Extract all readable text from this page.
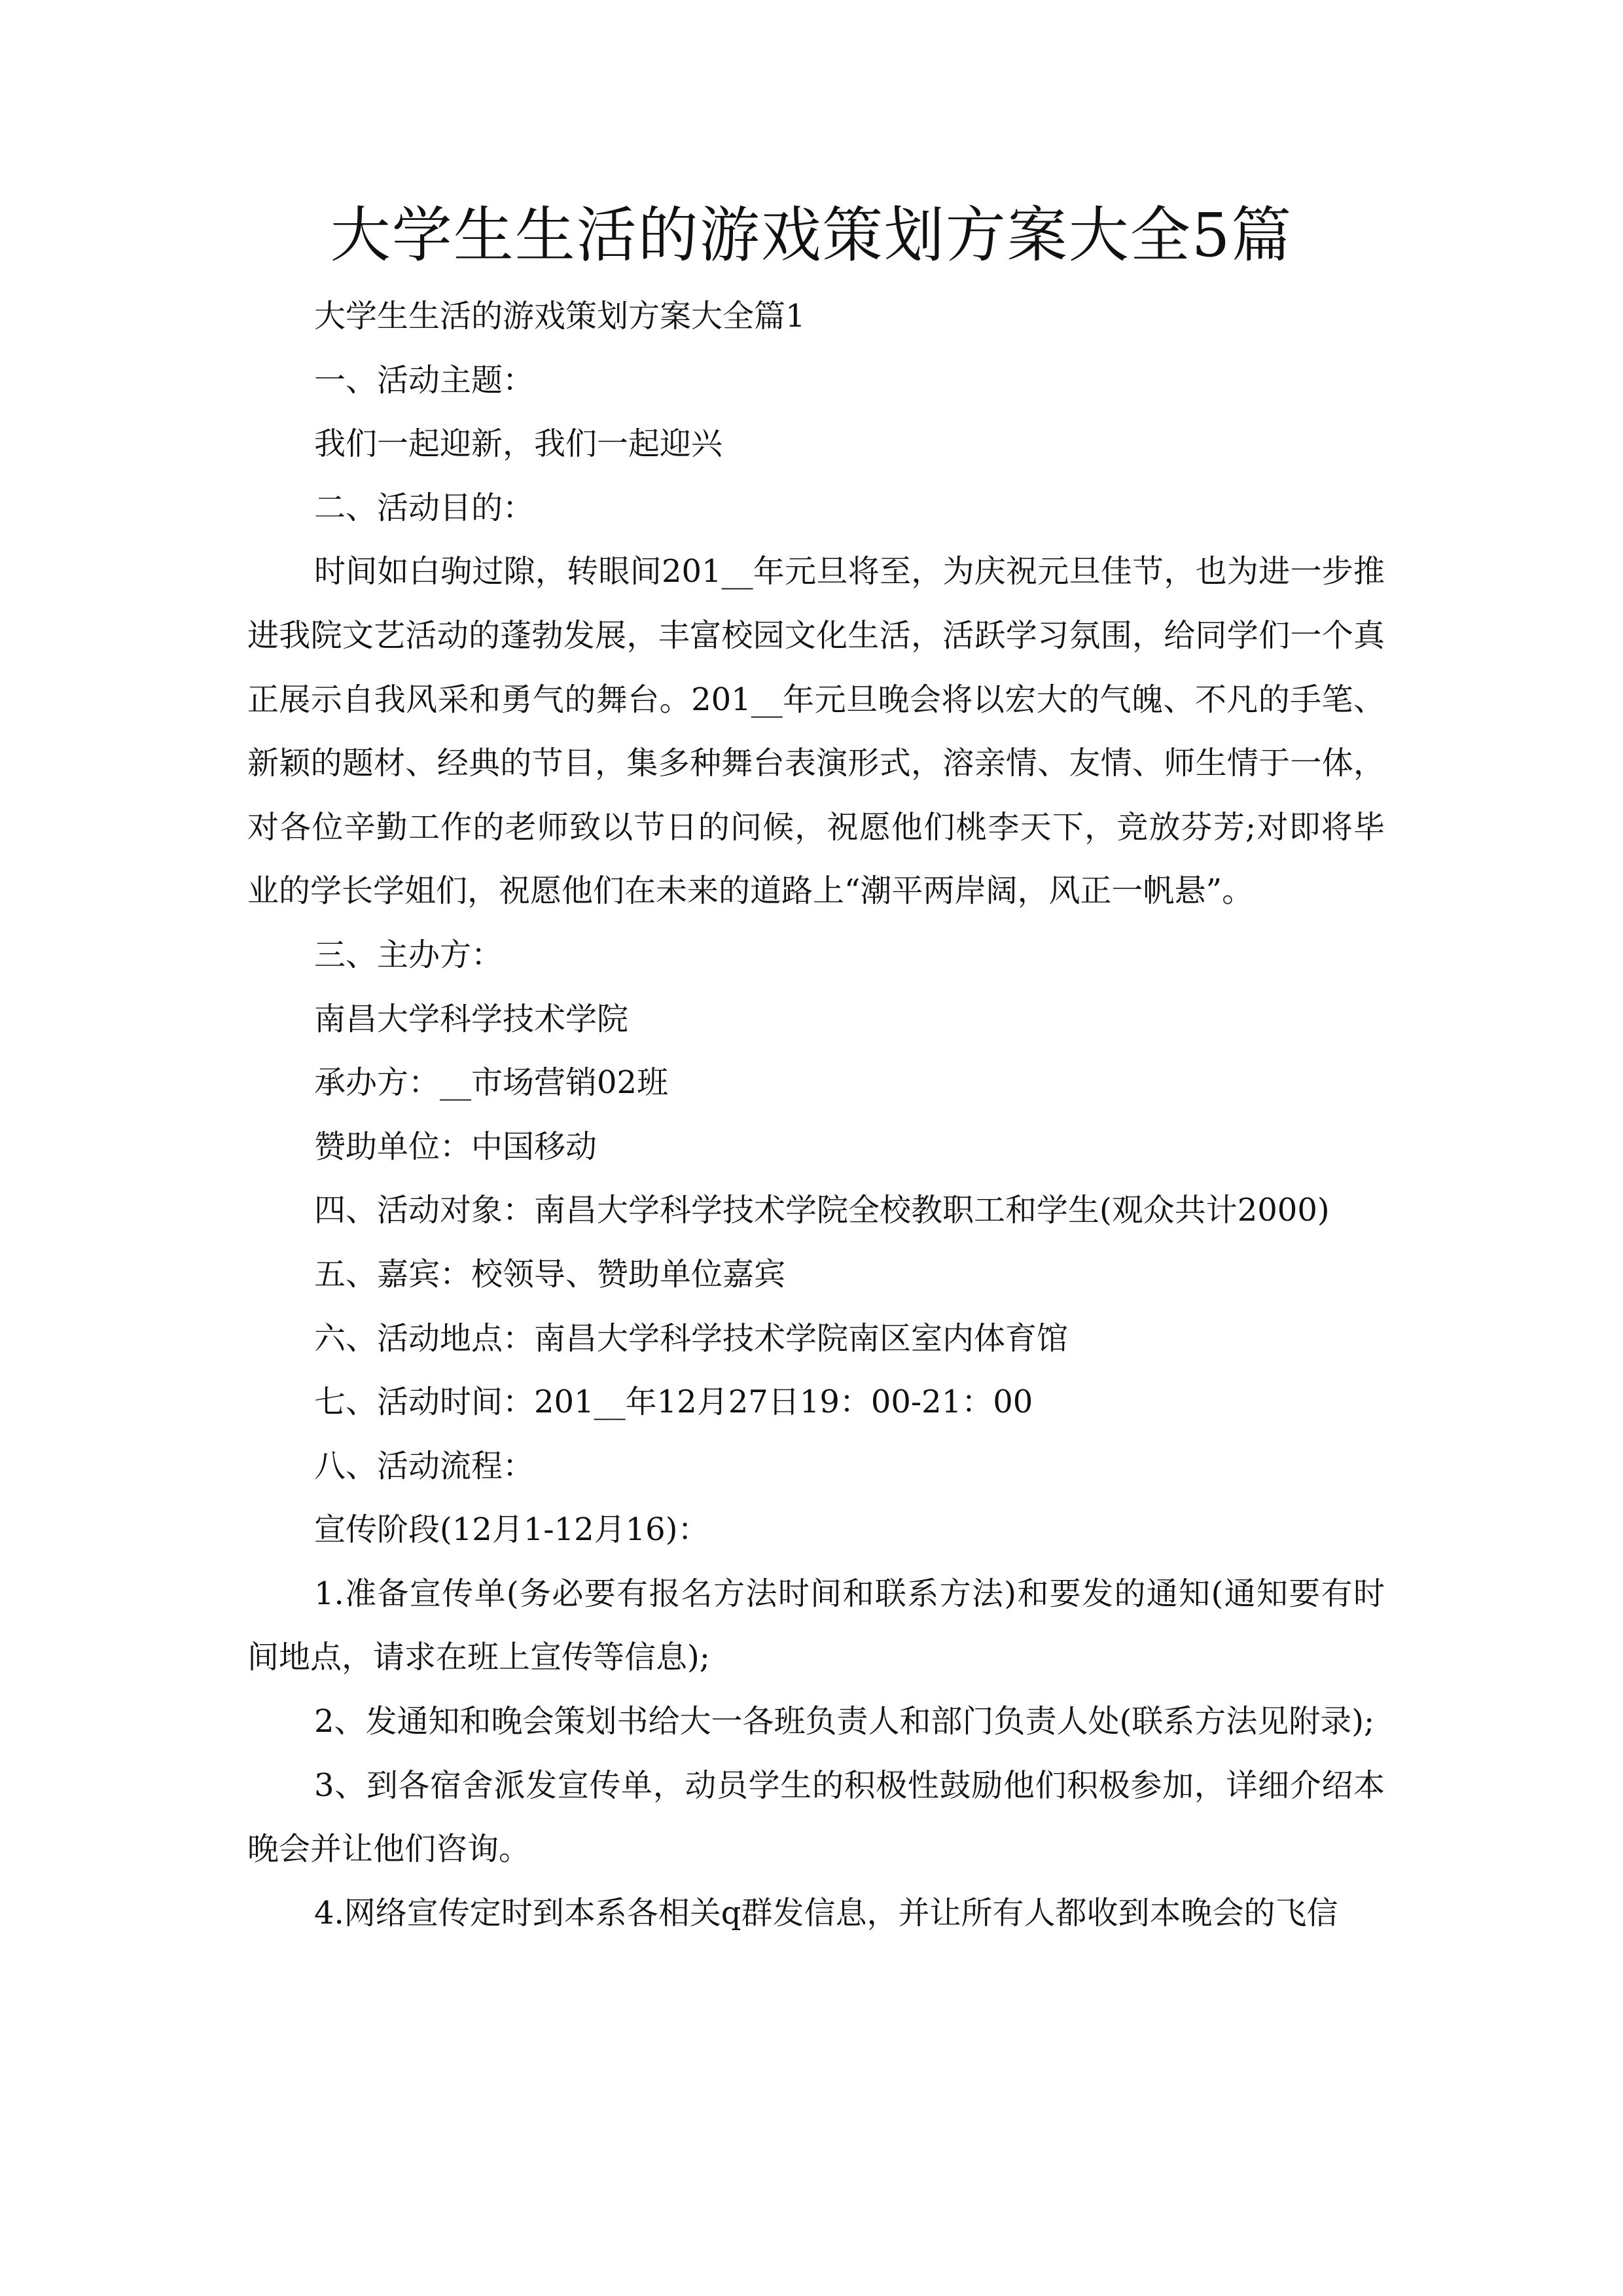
大学生生活的游戏策划方案大全5篇

大学生生活的游戏策划方案大全篇1

一、活动主题：

我们一起迎新，我们一起迎兴

二、活动目的：

时间如白驹过隙，转眼间201__年元旦将至，为庆祝元旦佳节，也为进一步推进我院文艺活动的蓬勃发展，丰富校园文化生活，活跃学习氛围，给同学们一个真正展示自我风采和勇气的舞台。201__年元旦晚会将以宏大的气魄、不凡的手笔、新颖的题材、经典的节目，集多种舞台表演形式，溶亲情、友情、师生情于一体，对各位辛勤工作的老师致以节日的问候，祝愿他们桃李天下，竞放芬芳;对即将毕业的学长学姐们，祝愿他们在未来的道路上“潮平两岸阔，风正一帆悬”。

三、主办方：

南昌大学科学技术学院

承办方：__市场营销02班

赞助单位：中国移动

四、活动对象：南昌大学科学技术学院全校教职工和学生(观众共计2000)

五、嘉宾：校领导、赞助单位嘉宾

六、活动地点：南昌大学科学技术学院南区室内体育馆

七、活动时间：201__年12月27日19：00-21：00

八、活动流程：

宣传阶段(12月1-12月16)：

1.准备宣传单(务必要有报名方法时间和联系方法)和要发的通知(通知要有时间地点，请求在班上宣传等信息);

2、发通知和晚会策划书给大一各班负责人和部门负责人处(联系方法见附录);

3、到各宿舍派发宣传单，动员学生的积极性鼓励他们积极参加，详细介绍本晚会并让他们咨询。

4.网络宣传定时到本系各相关q群发信息，并让所有人都收到本晚会的飞信
